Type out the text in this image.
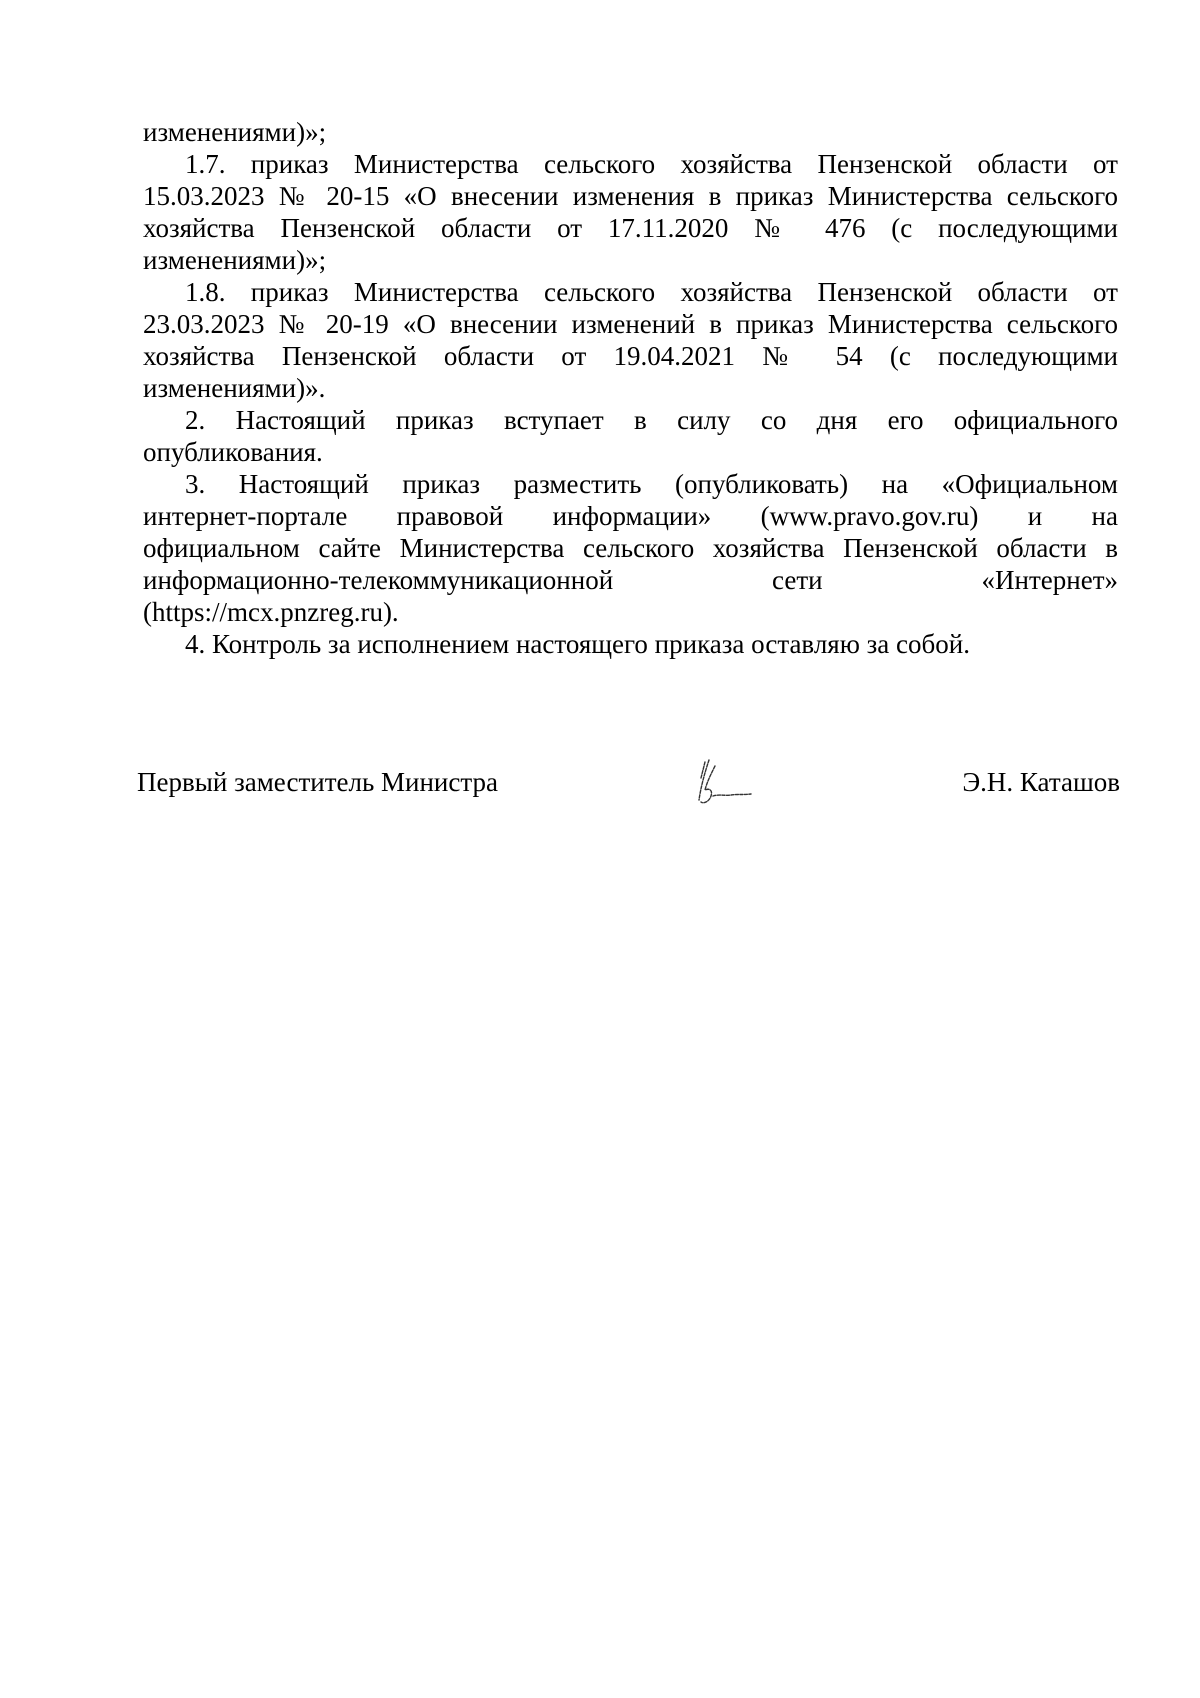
изменениями)»;

1.7. приказ Министерства сельского хозяйства Пензенской области от
15.03.2023 № 20-15 «О внесении изменения в приказ Министерства сельского
хозяйства Пензенской области от 17.11.2020 № 476 (с последующими
изменениями)»;

1.8. приказ Министерства сельского хозяйства Пензенской области от
23.03.2023 № 20-19 «О внесении изменений в приказ Министерства сельского
хозяйства Пензенской области от 19.04.2021 № 54 (с последующими
изменениями)».

2. Настоящий приказ вступает в силу со дня его официального
опубликования.

3. Настоящий приказ разместить (опубликовать) на «Официальном
интернет-портале правовой информации» (www.pravo.gov.ru) и на
официальном сайте Министерства сельского хозяйства Пензенской области в
информационно-телекоммуникационной сети «Интернет»
(https://mcx.pnzreg.ru).

4. Контроль за исполнением настоящего приказа оставляю за собой.

Первый заместитель Министра	Э.Н. Каташов
